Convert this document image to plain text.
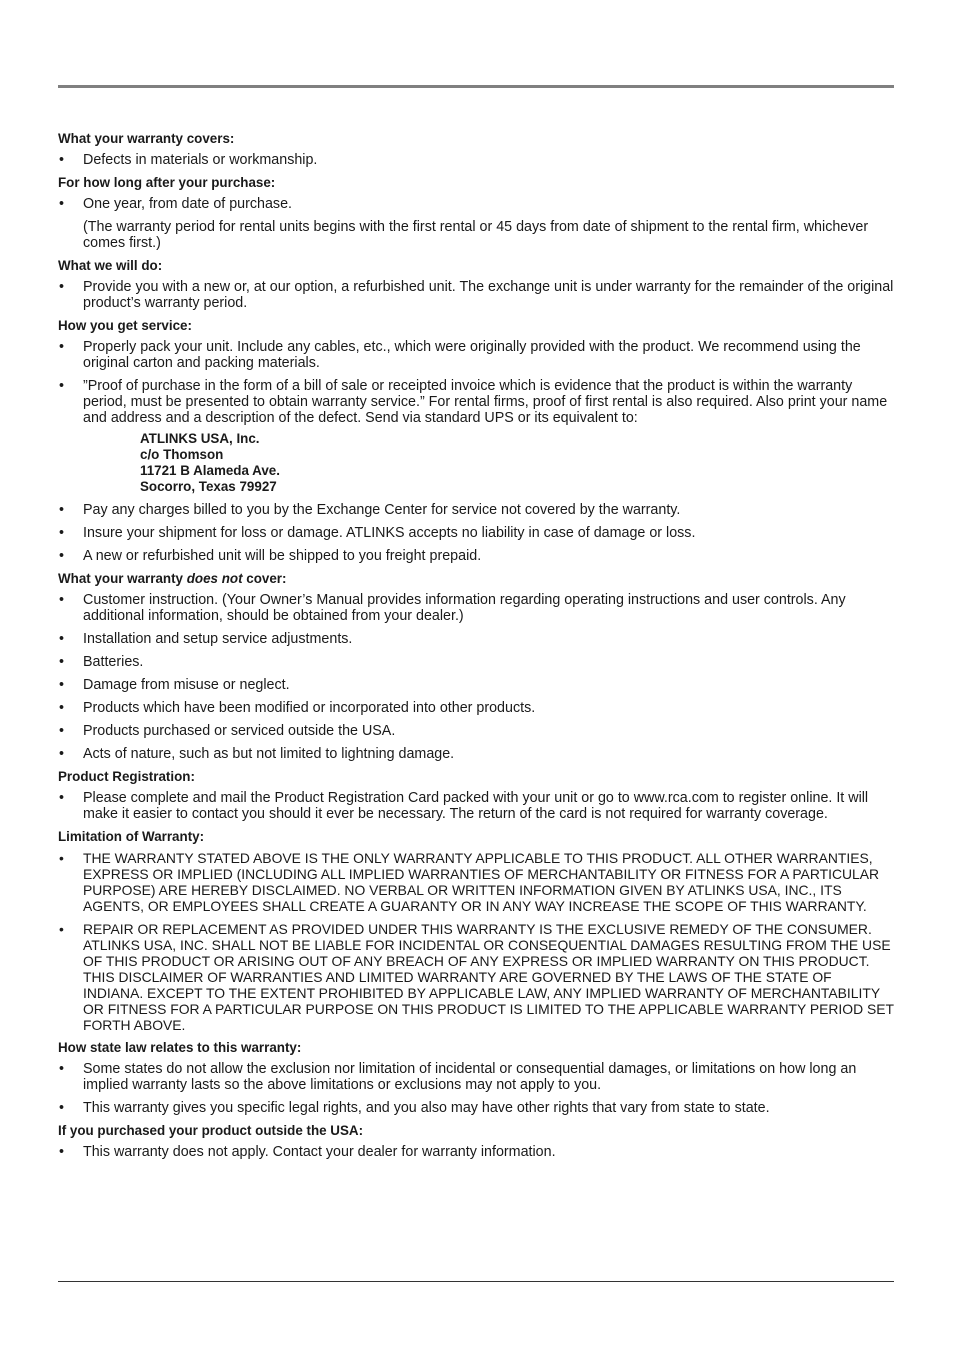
What your warranty covers:
• Defects in materials or workmanship.
For how long after your purchase:
• One year, from date of purchase.
(The warranty period for rental units begins with the first rental or 45 days from date of shipment to the rental firm, whichever comes first.)
What we will do:
• Provide you with a new or, at our option, a refurbished unit. The exchange unit is under warranty for the remainder of the original product’s warranty period.
How you get service:
• Properly pack your unit. Include any cables, etc., which were originally provided with the product. We recommend using the original carton and packing materials.
• ”Proof of purchase in the form of a bill of sale or receipted invoice which is evidence that the product is within the warranty period, must be presented to obtain warranty service.” For rental firms, proof of first rental is also required. Also print your name and address and a description of the defect. Send via standard UPS or its equivalent to:
ATLINKS USA, Inc.
c/o Thomson
11721 B Alameda Ave.
Socorro, Texas 79927
• Pay any charges billed to you by the Exchange Center for service not covered by the warranty.
• Insure your shipment for loss or damage. ATLINKS accepts no liability in case of damage or loss.
• A new or refurbished unit will be shipped to you freight prepaid.
What your warranty does not cover:
• Customer instruction. (Your Owner’s Manual provides information regarding operating instructions and user controls. Any additional information, should be obtained from your dealer.)
• Installation and setup service adjustments.
• Batteries.
• Damage from misuse or neglect.
• Products which have been modified or incorporated into other products.
• Products purchased or serviced outside the USA.
• Acts of nature, such as but not limited to lightning damage.
Product Registration:
• Please complete and mail the Product Registration Card packed with your unit or go to www.rca.com to register online. It will make it easier to contact you should it ever be necessary. The return of the card is not required for warranty coverage.
Limitation of Warranty:
• THE WARRANTY STATED ABOVE IS THE ONLY WARRANTY APPLICABLE TO THIS PRODUCT. ALL OTHER WARRANTIES, EXPRESS OR IMPLIED (INCLUDING ALL IMPLIED WARRANTIES OF MERCHANTABILITY OR FITNESS FOR A PARTICULAR PURPOSE) ARE HEREBY DISCLAIMED. NO VERBAL OR WRITTEN INFORMATION GIVEN BY ATLINKS USA, INC., ITS AGENTS, OR EMPLOYEES SHALL CREATE A GUARANTY OR IN ANY WAY INCREASE THE SCOPE OF THIS WARRANTY.
• REPAIR OR REPLACEMENT AS PROVIDED UNDER THIS WARRANTY IS THE EXCLUSIVE REMEDY OF THE CONSUMER. ATLINKS USA, INC. SHALL NOT BE LIABLE FOR INCIDENTAL OR CONSEQUENTIAL DAMAGES RESULTING FROM THE USE OF THIS PRODUCT OR ARISING OUT OF ANY BREACH OF ANY EXPRESS OR IMPLIED WARRANTY ON THIS PRODUCT. THIS DISCLAIMER OF WARRANTIES AND LIMITED WARRANTY ARE GOVERNED BY THE LAWS OF THE STATE OF INDIANA. EXCEPT TO THE EXTENT PROHIBITED BY APPLICABLE LAW, ANY IMPLIED WARRANTY OF MERCHANTABILITY OR FITNESS FOR A PARTICULAR PURPOSE ON THIS PRODUCT IS LIMITED TO THE APPLICABLE WARRANTY PERIOD SET FORTH ABOVE.
How state law relates to this warranty:
• Some states do not allow the exclusion nor limitation of incidental or consequential damages, or limitations on how long an implied warranty lasts so the above limitations or exclusions may not apply to you.
• This warranty gives you specific legal rights, and you also may have other rights that vary from state to state.
If you purchased your product outside the USA:
• This warranty does not apply. Contact your dealer for warranty information.
